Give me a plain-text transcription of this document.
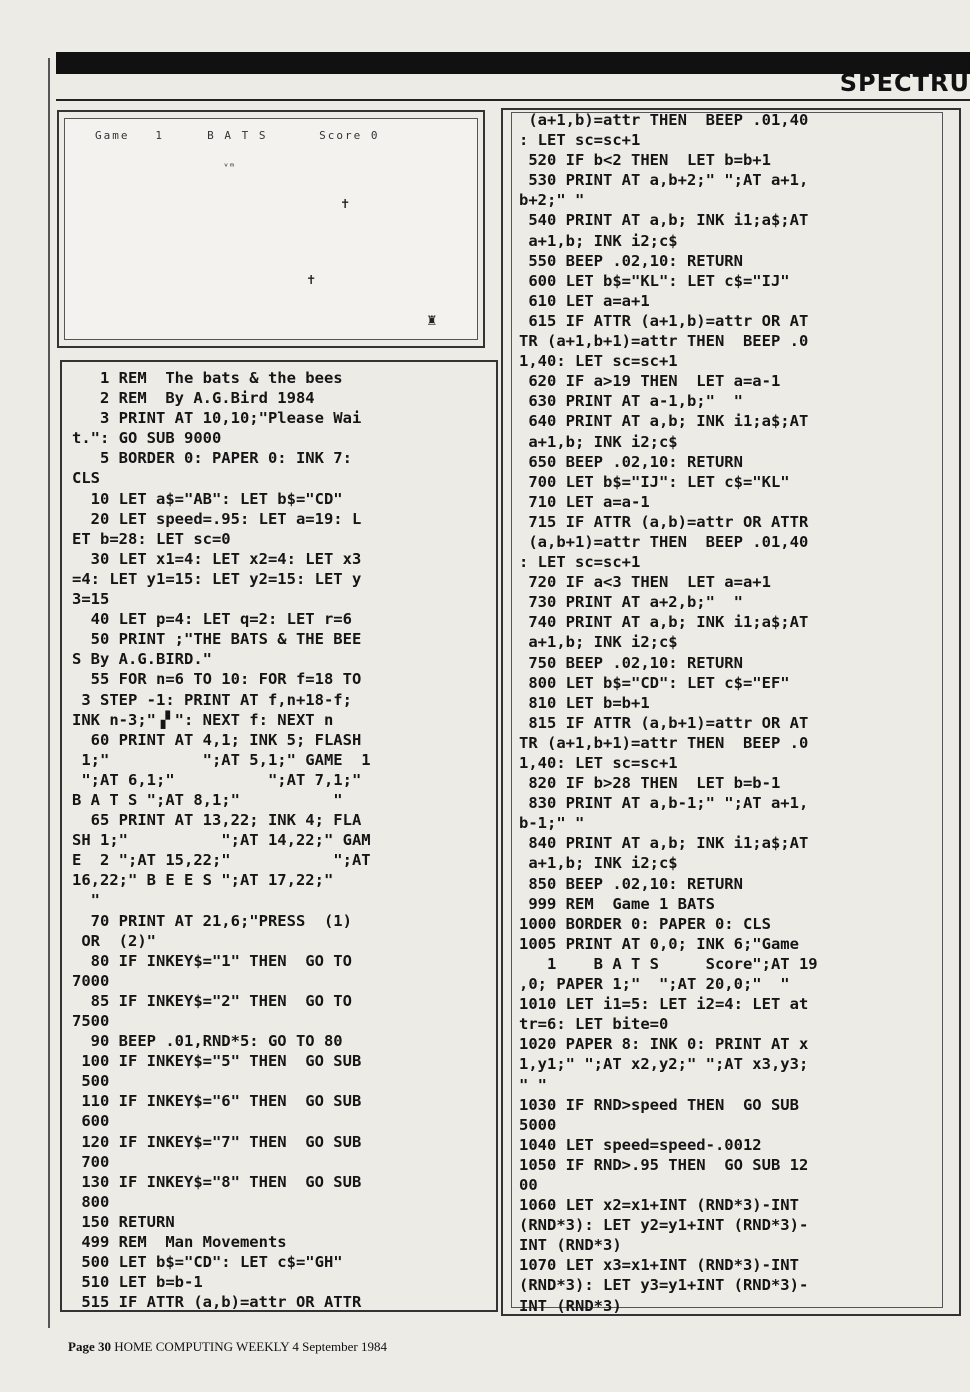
SPECTRU
Game   1     B A T S      Score 0
ᵛᵐ
✝
✝
♜
1 REM  The bats & the bees
2 REM  By A.G.Bird 1984
3 PRINT AT 10,10;"Please Wai
t.": GO SUB 9000
5 BORDER 0: PAPER 0: INK 7:
CLS
10 LET a$="AB": LET b$="CD"
20 LET speed=.95: LET a=19: L
ET b=28: LET sc=0
30 LET x1=4: LET x2=4: LET x3
=4: LET y1=15: LET y2=15: LET y
3=15
40 LET p=4: LET q=2: LET r=6
50 PRINT ;"THE BATS & THE BEE
S By A.G.BIRD."
55 FOR n=6 TO 10: FOR f=18 TO
3 STEP -1: PRINT AT f,n+18-f;
INK n-3;"▗▘": NEXT f: NEXT n
60 PRINT AT 4,1; INK 5; FLASH
1;"          ";AT 5,1;" GAME  1
";AT 6,1;"          ";AT 7,1;"
B A T S ";AT 8,1;"          "
65 PRINT AT 13,22; INK 4; FLA
SH 1;"          ";AT 14,22;" GAM
E  2 ";AT 15,22;"           ";AT
16,22;" B E E S ";AT 17,22;"
"
70 PRINT AT 21,6;"PRESS  (1)
OR  (2)"
80 IF INKEY$="1" THEN  GO TO
7000
85 IF INKEY$="2" THEN  GO TO
7500
90 BEEP .01,RND*5: GO TO 80
100 IF INKEY$="5" THEN  GO SUB
500
110 IF INKEY$="6" THEN  GO SUB
600
120 IF INKEY$="7" THEN  GO SUB
700
130 IF INKEY$="8" THEN  GO SUB
800
150 RETURN
499 REM  Man Movements
500 LET b$="CD": LET c$="GH"
510 LET b=b-1
515 IF ATTR (a,b)=attr OR ATTR
(a+1,b)=attr THEN  BEEP .01,40
: LET sc=sc+1
520 IF b<2 THEN  LET b=b+1
530 PRINT AT a,b+2;" ";AT a+1,
b+2;" "
540 PRINT AT a,b; INK i1;a$;AT
a+1,b; INK i2;c$
550 BEEP .02,10: RETURN
600 LET b$="KL": LET c$="IJ"
610 LET a=a+1
615 IF ATTR (a+1,b)=attr OR AT
TR (a+1,b+1)=attr THEN  BEEP .0
1,40: LET sc=sc+1
620 IF a>19 THEN  LET a=a-1
630 PRINT AT a-1,b;"  "
640 PRINT AT a,b; INK i1;a$;AT
a+1,b; INK i2;c$
650 BEEP .02,10: RETURN
700 LET b$="IJ": LET c$="KL"
710 LET a=a-1
715 IF ATTR (a,b)=attr OR ATTR
(a,b+1)=attr THEN  BEEP .01,40
: LET sc=sc+1
720 IF a<3 THEN  LET a=a+1
730 PRINT AT a+2,b;"  "
740 PRINT AT a,b; INK i1;a$;AT
a+1,b; INK i2;c$
750 BEEP .02,10: RETURN
800 LET b$="CD": LET c$="EF"
810 LET b=b+1
815 IF ATTR (a,b+1)=attr OR AT
TR (a+1,b+1)=attr THEN  BEEP .0
1,40: LET sc=sc+1
820 IF b>28 THEN  LET b=b-1
830 PRINT AT a,b-1;" ";AT a+1,
b-1;" "
840 PRINT AT a,b; INK i1;a$;AT
a+1,b; INK i2;c$
850 BEEP .02,10: RETURN
999 REM  Game 1 BATS
1000 BORDER 0: PAPER 0: CLS
1005 PRINT AT 0,0; INK 6;"Game
1    B A T S     Score";AT 19
,0; PAPER 1;"  ";AT 20,0;"  "
1010 LET i1=5: LET i2=4: LET at
tr=6: LET bite=0
1020 PAPER 8: INK 0: PRINT AT x
1,y1;" ";AT x2,y2;" ";AT x3,y3;
" "
1030 IF RND>speed THEN  GO SUB
5000
1040 LET speed=speed-.0012
1050 IF RND>.95 THEN  GO SUB 12
00
1060 LET x2=x1+INT (RND*3)-INT
(RND*3): LET y2=y1+INT (RND*3)-
INT (RND*3)
1070 LET x3=x1+INT (RND*3)-INT
(RND*3): LET y3=y1+INT (RND*3)-
INT (RND*3)
Page 30 HOME COMPUTING WEEKLY 4 September 1984
